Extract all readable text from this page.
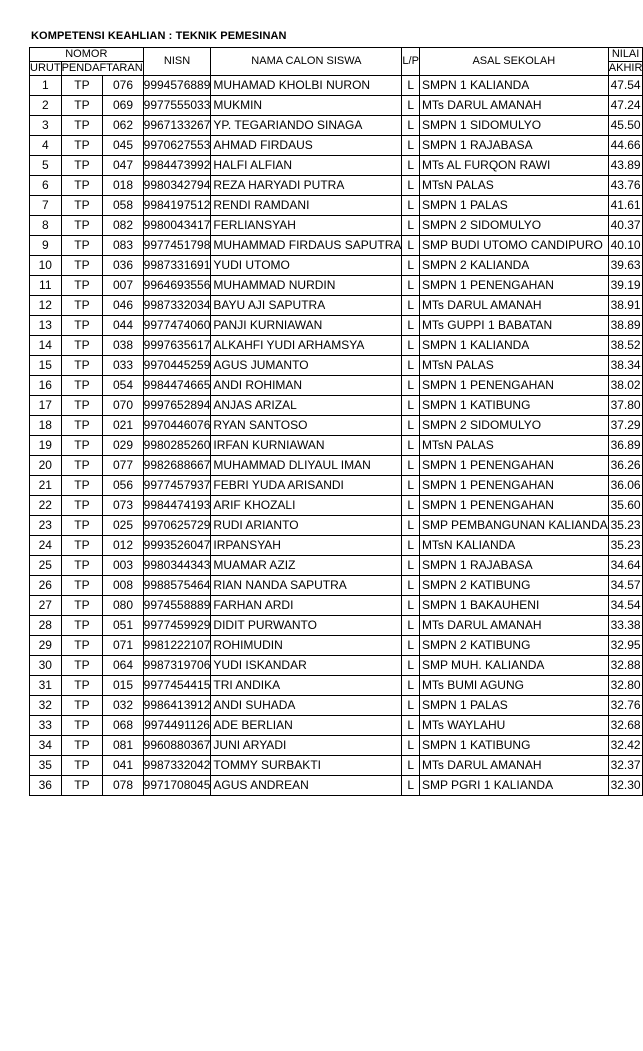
KOMPETENSI KEAHLIAN : TEKNIK PEMESINAN
NOMOR			NISN	NAMA CALON SISWA	L/P	ASAL SEKOLAH	NILAI
URUT	PENDAFTARAN						AKHIR
1	TP	076	9994576889	MUHAMAD KHOLBI NURON	L	SMPN 1 KALIANDA	47.54
2	TP	069	9977555033	MUKMIN	L	MTs DARUL AMANAH	47.24
3	TP	062	9967133267	YP. TEGARIANDO SINAGA	L	SMPN 1 SIDOMULYO	45.50
4	TP	045	9970627553	AHMAD FIRDAUS	L	SMPN 1 RAJABASA	44.66
5	TP	047	9984473992	HALFI ALFIAN	L	MTs AL FURQON RAWI	43.89
6	TP	018	9980342794	REZA HARYADI PUTRA	L	MTsN PALAS	43.76
7	TP	058	9984197512	RENDI RAMDANI	L	SMPN 1 PALAS	41.61
8	TP	082	9980043417	FERLIANSYAH	L	SMPN 2 SIDOMULYO	40.37
9	TP	083	9977451798	MUHAMMAD FIRDAUS SAPUTRA	L	SMP BUDI UTOMO CANDIPURO	40.10
10	TP	036	9987331691	YUDI UTOMO	L	SMPN 2 KALIANDA	39.63
11	TP	007	9964693556	MUHAMMAD NURDIN	L	SMPN 1 PENENGAHAN	39.19
12	TP	046	9987332034	BAYU AJI SAPUTRA	L	MTs DARUL AMANAH	38.91
13	TP	044	9977474060	PANJI KURNIAWAN	L	MTs GUPPI 1 BABATAN	38.89
14	TP	038	9997635617	ALKAHFI YUDI ARHAMSYA	L	SMPN 1 KALIANDA	38.52
15	TP	033	9970445259	AGUS JUMANTO	L	MTsN PALAS	38.34
16	TP	054	9984474665	ANDI ROHIMAN	L	SMPN 1 PENENGAHAN	38.02
17	TP	070	9997652894	ANJAS ARIZAL	L	SMPN 1 KATIBUNG	37.80
18	TP	021	9970446076	RYAN SANTOSO	L	SMPN 2 SIDOMULYO	37.29
19	TP	029	9980285260	IRFAN KURNIAWAN	L	MTsN PALAS	36.89
20	TP	077	9982688667	MUHAMMAD DLIYAUL IMAN	L	SMPN 1 PENENGAHAN	36.26
21	TP	056	9977457937	FEBRI YUDA ARISANDI	L	SMPN 1 PENENGAHAN	36.06
22	TP	073	9984474193	ARIF KHOZALI	L	SMPN 1 PENENGAHAN	35.60
23	TP	025	9970625729	RUDI ARIANTO	L	SMP PEMBANGUNAN KALIANDA	35.23
24	TP	012	9993526047	IRPANSYAH	L	MTsN KALIANDA	35.23
25	TP	003	9980344343	MUAMAR AZIZ	L	SMPN 1 RAJABASA	34.64
26	TP	008	9988575464	RIAN NANDA SAPUTRA	L	SMPN 2 KATIBUNG	34.57
27	TP	080	9974558889	FARHAN ARDI	L	SMPN 1 BAKAUHENI	34.54
28	TP	051	9977459929	DIDIT PURWANTO	L	MTs DARUL AMANAH	33.38
29	TP	071	9981222107	ROHIMUDIN	L	SMPN 2 KATIBUNG	32.95
30	TP	064	9987319706	YUDI ISKANDAR	L	SMP MUH. KALIANDA	32.88
31	TP	015	9977454415	TRI ANDIKA	L	MTs BUMI AGUNG	32.80
32	TP	032	9986413912	ANDI SUHADA	L	SMPN 1 PALAS	32.76
33	TP	068	9974491126	ADE BERLIAN	L	MTs WAYLAHU	32.68
34	TP	081	9960880367	JUNI ARYADI	L	SMPN 1 KATIBUNG	32.42
35	TP	041	9987332042	TOMMY SURBAKTI	L	MTs DARUL AMANAH	32.37
36	TP	078	9971708045	AGUS ANDREAN	L	SMP PGRI 1 KALIANDA	32.30
